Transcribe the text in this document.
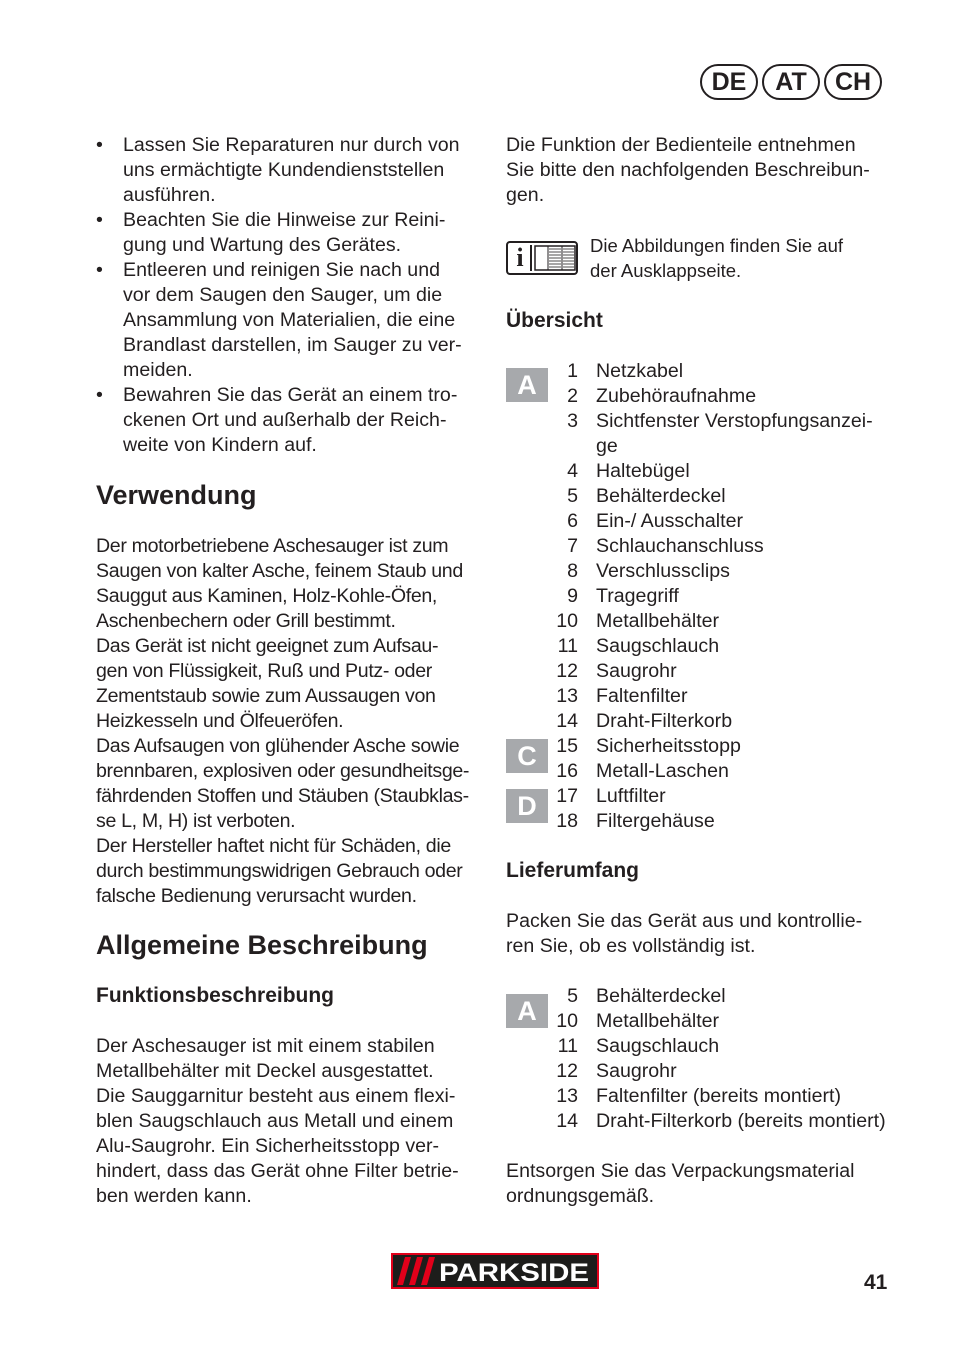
DE	AT	CH
•	Lassen Sie Reparaturen nur durch von
uns ermächtigte Kundendienststellen
ausführen.
•	Beachten Sie die Hinweise zur Reini-
gung und Wartung des Gerätes.
•	Entleeren und reinigen Sie nach und
vor dem Saugen den Sauger, um die
Ansammlung von Materialien, die eine
Brandlast darstellen, im Sauger zu ver-
meiden.
•	Bewahren Sie das Gerät an einem tro-
ckenen Ort und außerhalb der Reich-
weite von Kindern auf.
Verwendung

Der motorbetriebene Aschesauger ist zum
Saugen von kalter Asche, feinem Staub und
Sauggut aus Kaminen, Holz-Kohle-Öfen,
Aschenbechern oder Grill bestimmt.
Das Gerät ist nicht geeignet zum Aufsau-
gen von Flüssigkeit, Ruß und Putz- oder
Zementstaub sowie zum Aussaugen von
Heizkesseln und Ölfeueröfen.
Das Aufsaugen von glühender Asche sowie
brennbaren, explosiven oder gesundheitsge-
fährdenden Stoffen und Stäuben (Staubklas-
se L, M, H) ist verboten.
Der Hersteller haftet nicht für Schäden, die
durch bestimmungswidrigen Gebrauch oder
falsche Bedienung verursacht wurden.

Allgemeine Beschreibung
Funktionsbeschreibung

Der Aschesauger ist mit einem stabilen
Metallbehälter mit Deckel ausgestattet.
Die Sauggarnitur besteht aus einem flexi-
blen Saugschlauch aus Metall und einem
Alu-Saugrohr. Ein Sicherheitsstopp ver-
hindert, dass das Gerät ohne Filter betrie-
ben werden kann.

Die Funktion der Bedienteile entnehmen
Sie bitte den nachfolgenden Beschreibun-
gen.

i	Die Abbildungen finden Sie auf
der Ausklappseite.

Übersicht
A
C
D
1 Netzkabel
2 Zubehöraufnahme
3 Sichtfenster Verstopfungsanzei-
ge
4 Haltebügel
5 Behälterdeckel
6 Ein-/ Ausschalter
7 Schlauchanschluss
8 Verschlussclips
9 Tragegriff
10 Metallbehälter
11 Saugschlauch
12 Saugrohr
13 Faltenfilter
14 Draht-Filterkorb
15 Sicherheitsstopp
16 Metall-Laschen
17 Luftfilter
18 Filtergehäuse
Lieferumfang

Packen Sie das Gerät aus und kontrollie-
ren Sie, ob es vollständig ist.

A	5 Behälterdeckel
10 Metallbehälter
11 Saugschlauch
12 Saugrohr
13 Faltenfilter (bereits montiert)
14 Draht-Filterkorb (bereits montiert)

Entsorgen Sie das Verpackungsmaterial
ordnungsgemäß.

PARKSIDE	41
